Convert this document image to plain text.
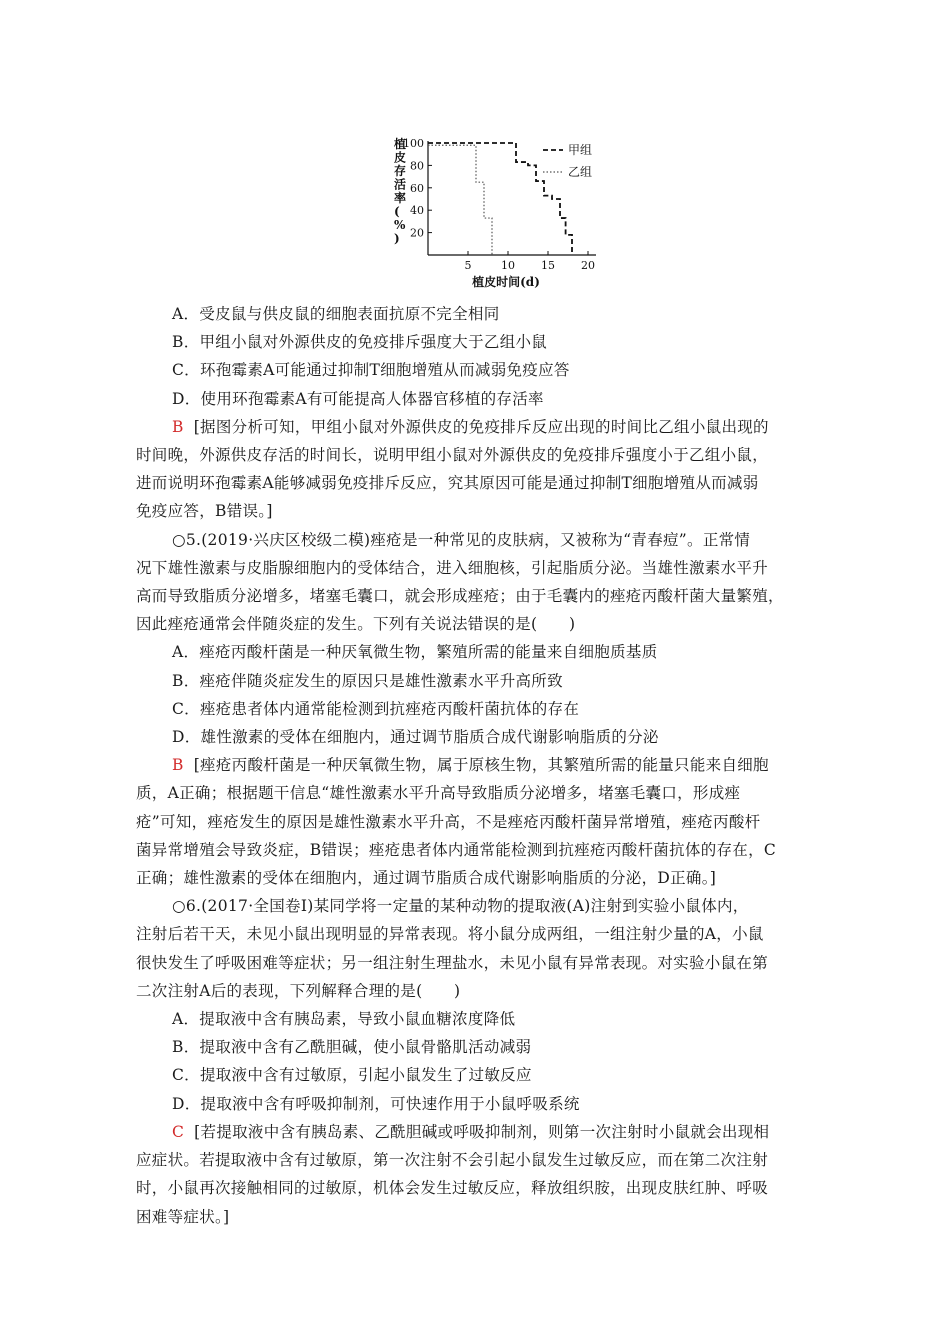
20
40
60
80
100
5	10 15 20
植皮时间(d)
植皮存活率( % )
甲组
乙组
A．受皮鼠与供皮鼠的细胞表面抗原不完全相同
B．甲组小鼠对外源供皮的免疫排斥强度大于乙组小鼠
C．环孢霉素A可能通过抑制T细胞增殖从而减弱免疫应答
D．使用环孢霉素A有可能提高人体器官移植的存活率
B [据图分析可知，甲组小鼠对外源供皮的免疫排斥反应出现的时间比乙组小鼠出现的
时间晚，外源供皮存活的时间长，说明甲组小鼠对外源供皮的免疫排斥强度小于乙组小鼠，
进而说明环孢霉素A能够减弱免疫排斥反应，究其原因可能是通过抑制T细胞增殖从而减弱
免疫应答，B错误。]
○5.(2019·兴庆区校级二模)痤疮是一种常见的皮肤病，又被称为“青春痘”。正常情
况下雄性激素与皮脂腺细胞内的受体结合，进入细胞核，引起脂质分泌。当雄性激素水平升
高而导致脂质分泌增多，堵塞毛囊口，就会形成痤疮；由于毛囊内的痤疮丙酸杆菌大量繁殖，
因此痤疮通常会伴随炎症的发生。下列有关说法错误的是(　　)
A．痤疮丙酸杆菌是一种厌氧微生物，繁殖所需的能量来自细胞质基质
B．痤疮伴随炎症发生的原因只是雄性激素水平升高所致
C．痤疮患者体内通常能检测到抗痤疮丙酸杆菌抗体的存在
D．雄性激素的受体在细胞内，通过调节脂质合成代谢影响脂质的分泌
B [痤疮丙酸杆菌是一种厌氧微生物，属于原核生物，其繁殖所需的能量只能来自细胞
质，A正确；根据题干信息“雄性激素水平升高导致脂质分泌增多，堵塞毛囊口，形成痤
疮”可知，痤疮发生的原因是雄性激素水平升高，不是痤疮丙酸杆菌异常增殖，痤疮丙酸杆
菌异常增殖会导致炎症，B错误；痤疮患者体内通常能检测到抗痤疮丙酸杆菌抗体的存在，C
正确；雄性激素的受体在细胞内，通过调节脂质合成代谢影响脂质的分泌，D正确。]
○6.(2017·全国卷Ⅰ)某同学将一定量的某种动物的提取液(A)注射到实验小鼠体内，
注射后若干天，未见小鼠出现明显的异常表现。将小鼠分成两组，一组注射少量的A，小鼠
很快发生了呼吸困难等症状；另一组注射生理盐水，未见小鼠有异常表现。对实验小鼠在第
二次注射A后的表现，下列解释合理的是(　　)
A．提取液中含有胰岛素，导致小鼠血糖浓度降低
B．提取液中含有乙酰胆碱，使小鼠骨骼肌活动减弱
C．提取液中含有过敏原，引起小鼠发生了过敏反应
D．提取液中含有呼吸抑制剂，可快速作用于小鼠呼吸系统
C [若提取液中含有胰岛素、乙酰胆碱或呼吸抑制剂，则第一次注射时小鼠就会出现相
应症状。若提取液中含有过敏原，第一次注射不会引起小鼠发生过敏反应，而在第二次注射
时，小鼠再次接触相同的过敏原，机体会发生过敏反应，释放组织胺，出现皮肤红肿、呼吸
困难等症状。]
